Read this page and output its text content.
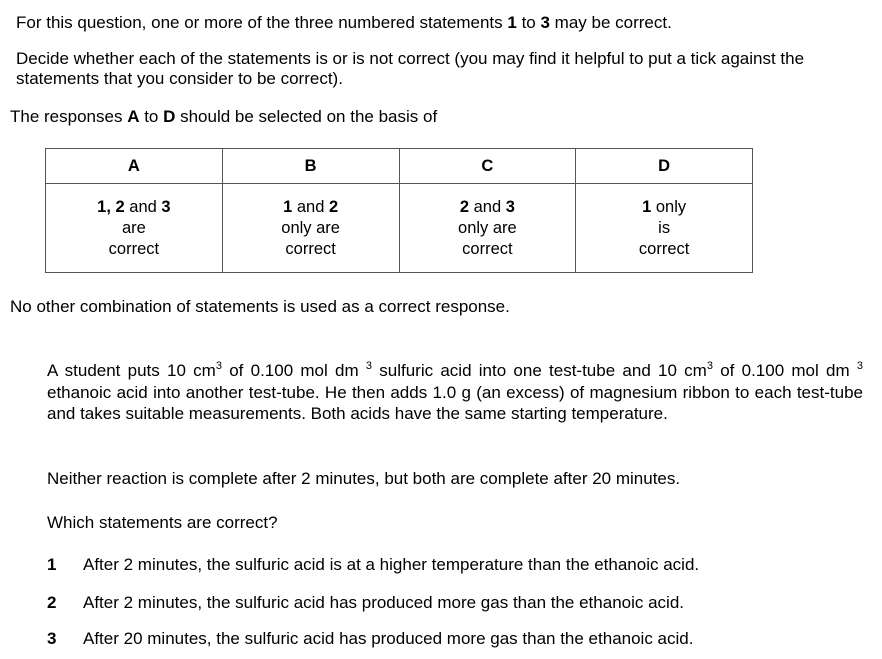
For this question, one or more of the three numbered statements 1 to 3 may be correct.
Decide whether each of the statements is or is not correct (you may find it helpful to put a tick against the statements that you consider to be correct).
The responses A to D should be selected on the basis of
A	B	C	D
1, 2 and 3
are
correct	1 and 2
only are
correct	2 and 3
only are
correct	1 only
is
correct
No other combination of statements is used as a correct response.
A student puts 10 $cm^3$ of 0.100 mol dm $^3$ sulfuric acid into one test-tube and 10 $cm^3$ of 0.100 mol dm $^3$ ethanoic acid into another test-tube. He then adds 1.0 g (an excess) of magnesium ribbon to each test-tube and takes suitable measurements. Both acids have the same starting temperature.
Neither reaction is complete after 2 minutes, but both are complete after 20 minutes.
Which statements are correct?
1	After 2 minutes, the sulfuric acid is at a higher temperature than the ethanoic acid.
2	After 2 minutes, the sulfuric acid has produced more gas than the ethanoic acid.
3	After 20 minutes, the sulfuric acid has produced more gas than the ethanoic acid.
